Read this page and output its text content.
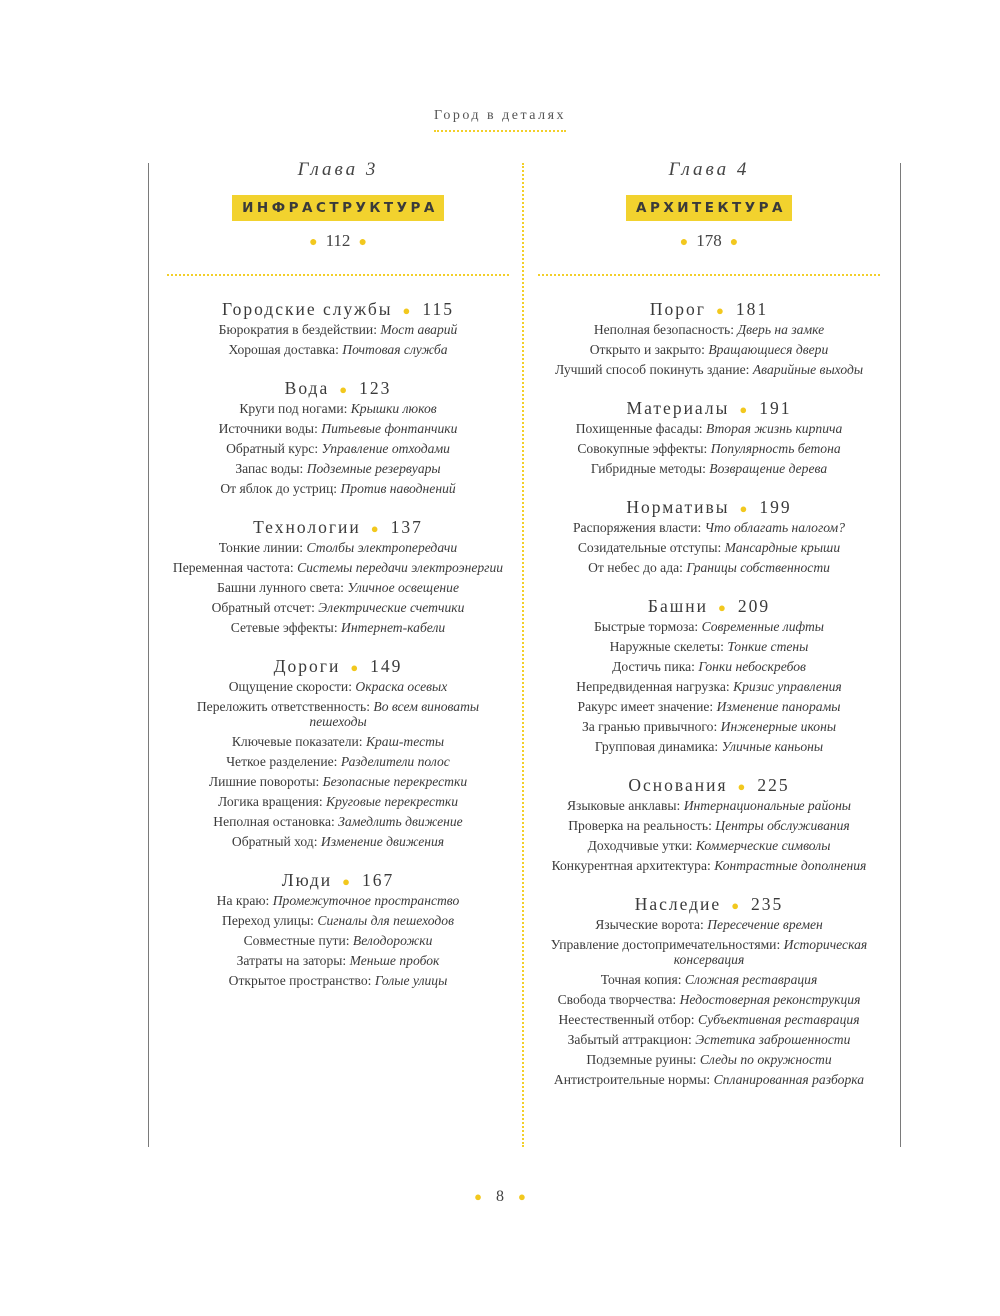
Город в деталях
Глава 3
ИНФРАСТРУКТУРА
● 112 ●
Городские службы ● 115
Бюрократия в бездействии: Мост аварий
Хорошая доставка: Почтовая служба
Вода ● 123
Круги под ногами: Крышки люков
Источники воды: Питьевые фонтанчики
Обратный курс: Управление отходами
Запас воды: Подземные резервуары
От яблок до устриц: Против наводнений
Технологии ● 137
Тонкие линии: Столбы электропередачи
Переменная частота: Системы передачи электроэнергии
Башни лунного света: Уличное освещение
Обратный отсчет: Электрические счетчики
Сетевые эффекты: Интернет-кабели
Дороги ● 149
Ощущение скорости: Окраска осевых
Переложить ответственность: Во всем виноваты пешеходы
Ключевые показатели: Краш-тесты
Четкое разделение: Разделители полос
Лишние повороты: Безопасные перекрестки
Логика вращения: Круговые перекрестки
Неполная остановка: Замедлить движение
Обратный ход: Изменение движения
Люди ● 167
На краю: Промежуточное пространство
Переход улицы: Сигналы для пешеходов
Совместные пути: Велодорожки
Затраты на заторы: Меньше пробок
Открытое пространство: Голые улицы
Глава 4
АРХИТЕКТУРА
● 178 ●
Порог ● 181
Неполная безопасность: Дверь на замке
Открыто и закрыто: Вращающиеся двери
Лучший способ покинуть здание: Аварийные выходы
Материалы ● 191
Похищенные фасады: Вторая жизнь кирпича
Совокупные эффекты: Популярность бетона
Гибридные методы: Возвращение дерева
Нормативы ● 199
Распоряжения власти: Что облагать налогом?
Созидательные отступы: Мансардные крыши
От небес до ада: Границы собственности
Башни ● 209
Быстрые тормоза: Современные лифты
Наружные скелеты: Тонкие стены
Достичь пика: Гонки небоскребов
Непредвиденная нагрузка: Кризис управления
Ракурс имеет значение: Изменение панорамы
За гранью привычного: Инженерные иконы
Групповая динамика: Уличные каньоны
Основания ● 225
Языковые анклавы: Интернациональные районы
Проверка на реальность: Центры обслуживания
Доходчивые утки: Коммерческие символы
Конкурентная архитектура: Контрастные дополнения
Наследие ● 235
Языческие ворота: Пересечение времен
Управление достопримечательностями: Историческая консервация
Точная копия: Сложная реставрация
Свобода творчества: Недостоверная реконструкция
Неестественный отбор: Субъективная реставрация
Забытый аттракцион: Эстетика заброшенности
Подземные руины: Следы по окружности
Антистроительные нормы: Спланированная разборка
● 8 ●
